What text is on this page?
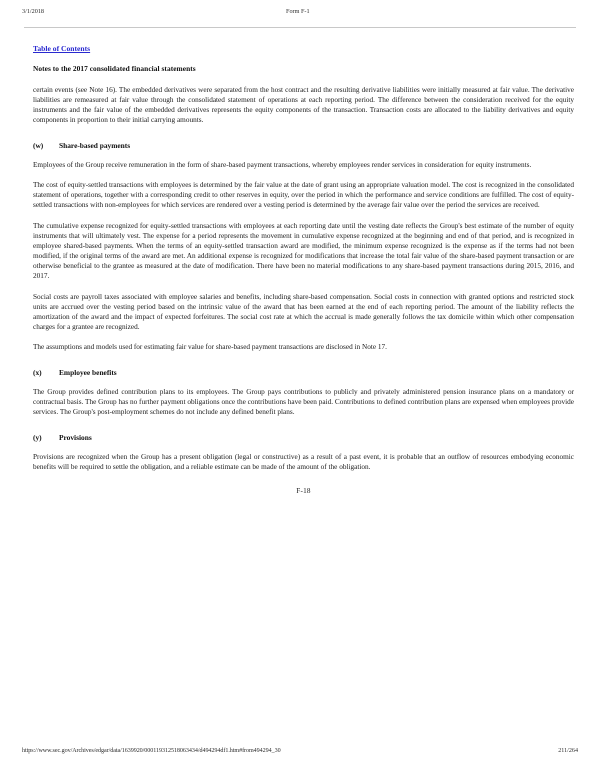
3/1/2018	Form F-1
Table of Contents
Notes to the 2017 consolidated financial statements

certain events (see Note 16). The embedded derivatives were separated from the host contract and the resulting derivative liabilities were initially measured at fair value. The derivative liabilities are remeasured at fair value through the consolidated statement of operations at each reporting period. The difference between the consideration received for the equity instruments and the fair value of the embedded derivatives represents the equity components of the transaction. Transaction costs are allocated to the liability derivatives and equity components in proportion to their initial carrying amounts.

(w)	Share-based payments

Employees of the Group receive remuneration in the form of share-based payment transactions, whereby employees render services in consideration for equity instruments.

The cost of equity-settled transactions with employees is determined by the fair value at the date of grant using an appropriate valuation model. The cost is recognized in the consolidated statement of operations, together with a corresponding credit to other reserves in equity, over the period in which the performance and service conditions are fulfilled. The cost of equity-settled transactions with non-employees for which services are rendered over a vesting period is determined by the average fair value over the period the services are received.

The cumulative expense recognized for equity-settled transactions with employees at each reporting date until the vesting date reflects the Group's best estimate of the number of equity instruments that will ultimately vest. The expense for a period represents the movement in cumulative expense recognized at the beginning and end of that period, and is recognized in employee shared-based payments. When the terms of an equity-settled transaction award are modified, the minimum expense recognized is the expense as if the terms had not been modified, if the original terms of the award are met. An additional expense is recognized for modifications that increase the total fair value of the share-based payment transaction or are otherwise beneficial to the grantee as measured at the date of modification. There have been no material modifications to any share-based payment transactions during 2015, 2016, and 2017.

Social costs are payroll taxes associated with employee salaries and benefits, including share-based compensation. Social costs in connection with granted options and restricted stock units are accrued over the vesting period based on the intrinsic value of the award that has been earned at the end of each reporting period. The amount of the liability reflects the amortization of the award and the impact of expected forfeitures. The social cost rate at which the accrual is made generally follows the tax domicile within which other compensation charges for a grantee are recognized.

The assumptions and models used for estimating fair value for share-based payment transactions are disclosed in Note 17.

(x)	Employee benefits

The Group provides defined contribution plans to its employees. The Group pays contributions to publicly and privately administered pension insurance plans on a mandatory or contractual basis. The Group has no further payment obligations once the contributions have been paid. Contributions to defined contribution plans are expensed when employees provide services. The Group's post-employment schemes do not include any defined benefit plans.

(y)	Provisions

Provisions are recognized when the Group has a present obligation (legal or constructive) as a result of a past event, it is probable that an outflow of resources embodying economic benefits will be required to settle the obligation, and a reliable estimate can be made of the amount of the obligation.

F-18
https://www.sec.gov/Archives/edgar/data/1639920/000119312518063434/d494294df1.htm#from494294_30	211/264
